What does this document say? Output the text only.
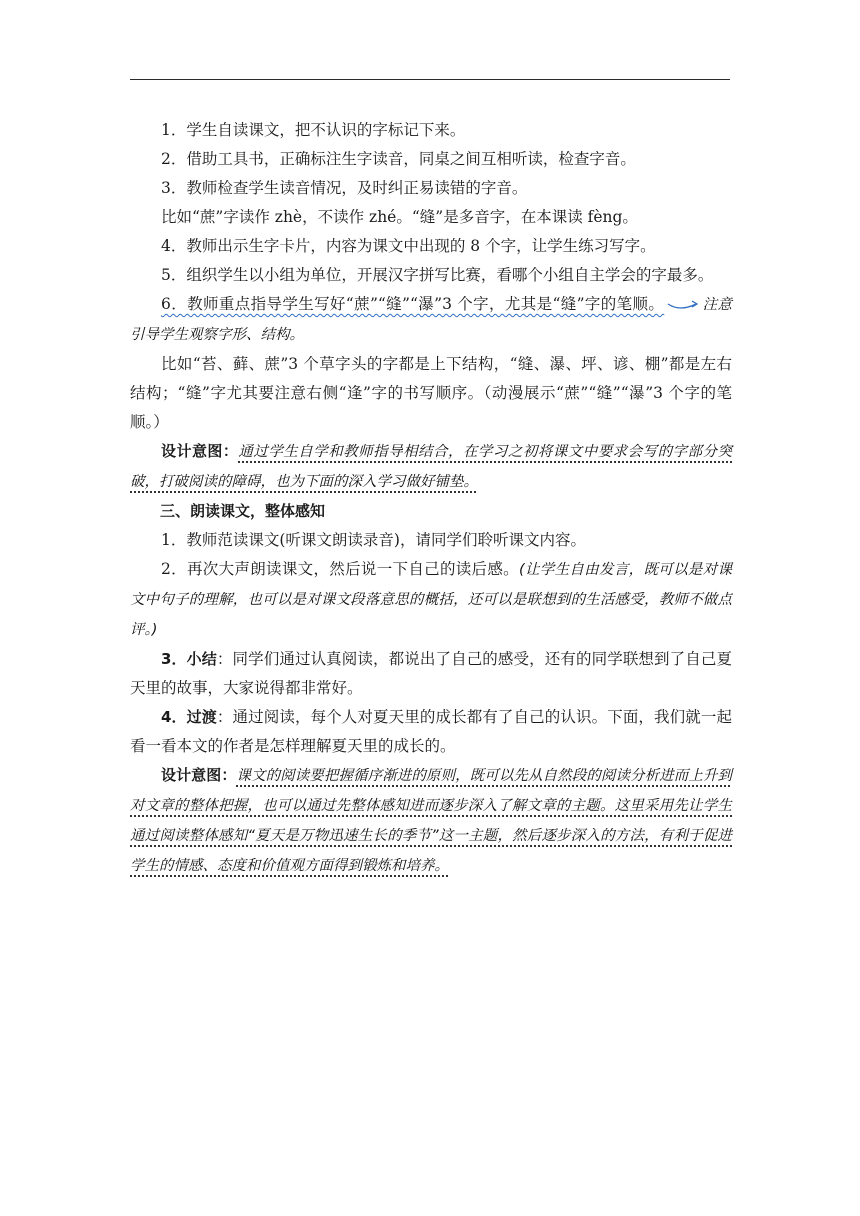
1．学生自读课文，把不认识的字标记下来。

2．借助工具书，正确标注生字读音，同桌之间互相听读，检查字音。

3．教师检查学生读音情况，及时纠正易读错的字音。

比如“蔗”字读作 zhè，不读作 zhé。“缝”是多音字，在本课读 fèng。

4．教师出示生字卡片，内容为课文中出现的 8 个字，让学生练习写字。

5．组织学生以小组为单位，开展汉字拼写比赛，看哪个小组自主学会的字最多。

6．教师重点指导学生写好“蔗”“缝”“瀑”3 个字，尤其是“缝”字的笔顺。	注意引导学生观察字形、结构。

比如“苔、藓、蔗”3 个草字头的字都是上下结构，“缝、瀑、坪、谚、棚”都是左右结构；“缝”字尤其要注意右侧“逢”字的书写顺序。（动漫展示“蔗”“缝”“瀑”3 个字的笔顺。）

设计意图：通过学生自学和教师指导相结合，在学习之初将课文中要求会写的字部分突破，打破阅读的障碍，也为下面的深入学习做好铺垫。

三、朗读课文，整体感知

1．教师范读课文(听课文朗读录音)，请同学们聆听课文内容。

2．再次大声朗读课文，然后说一下自己的读后感。(让学生自由发言，既可以是对课文中句子的理解，也可以是对课文段落意思的概括，还可以是联想到的生活感受，教师不做点评。)

3．小结：同学们通过认真阅读，都说出了自己的感受，还有的同学联想到了自己夏天里的故事，大家说得都非常好。

4．过渡：通过阅读，每个人对夏天里的成长都有了自己的认识。下面，我们就一起看一看本文的作者是怎样理解夏天里的成长的。

设计意图：课文的阅读要把握循序渐进的原则，既可以先从自然段的阅读分析进而上升到对文章的整体把握，也可以通过先整体感知进而逐步深入了解文章的主题。这里采用先让学生通过阅读整体感知“夏天是万物迅速生长的季节”这一主题，然后逐步深入的方法，有利于促进学生的情感、态度和价值观方面得到锻炼和培养。
